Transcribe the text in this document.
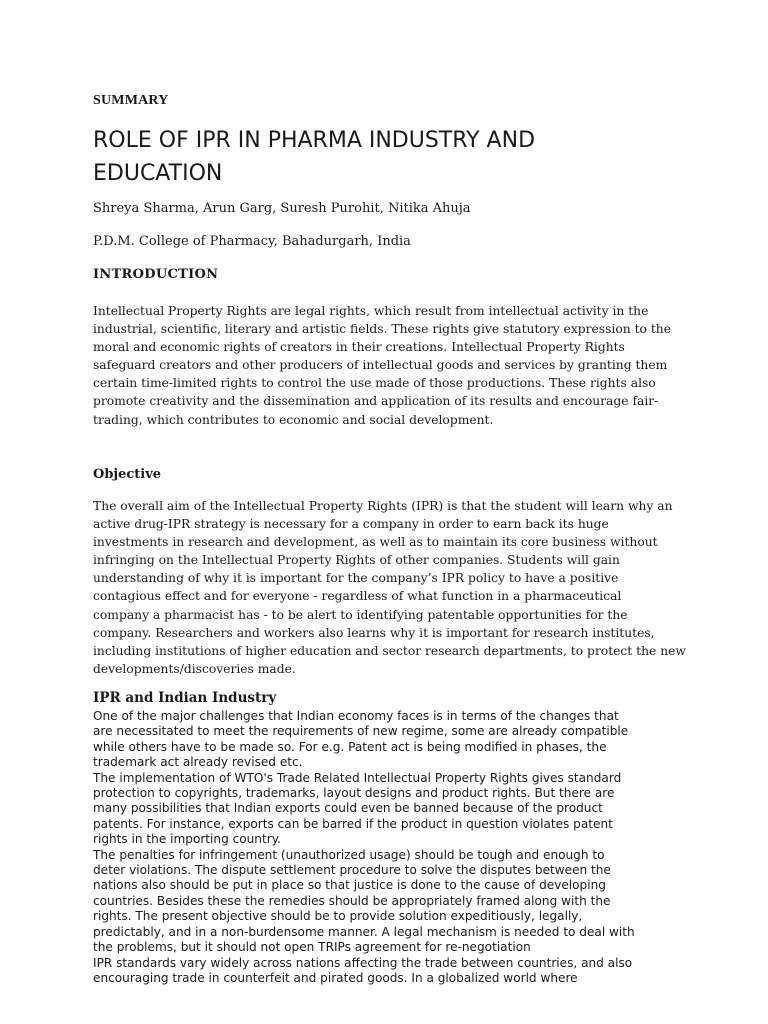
SUMMARY
ROLE OF IPR IN PHARMA INDUSTRY AND
EDUCATION
Shreya Sharma, Arun Garg, Suresh Purohit, Nitika Ahuja
P.D.M. College of Pharmacy, Bahadurgarh, India
INTRODUCTION
Intellectual Property Rights are legal rights, which result from intellectual activity in the
industrial, scientific, literary and artistic fields. These rights give statutory expression to the
moral and economic rights of creators in their creations. Intellectual Property Rights
safeguard creators and other producers of intellectual goods and services by granting them
certain time-limited rights to control the use made of those productions. These rights also
promote creativity and the dissemination and application of its results and encourage fair-
trading, which contributes to economic and social development.
Objective
The overall aim of the Intellectual Property Rights (IPR) is that the student will learn why an
active drug-IPR strategy is necessary for a company in order to earn back its huge
investments in research and development, as well as to maintain its core business without
infringing on the Intellectual Property Rights of other companies. Students will gain
understanding of why it is important for the company’s IPR policy to have a positive
contagious effect and for everyone - regardless of what function in a pharmaceutical
company a pharmacist has - to be alert to identifying patentable opportunities for the
company. Researchers and workers also learns why it is important for research institutes,
including institutions of higher education and sector research departments, to protect the new
developments/discoveries made.
IPR and Indian Industry
One of the major challenges that Indian economy faces is in terms of the changes that
are necessitated to meet the requirements of new regime, some are already compatible
while others have to be made so. For e.g. Patent act is being modified in phases, the
trademark act already revised etc.
The implementation of WTO's Trade Related Intellectual Property Rights gives standard
protection to copyrights, trademarks, layout designs and product rights. But there are
many possibilities that Indian exports could even be banned because of the product
patents. For instance, exports can be barred if the product in question violates patent
rights in the importing country.
The penalties for infringement (unauthorized usage) should be tough and enough to
deter violations. The dispute settlement procedure to solve the disputes between the
nations also should be put in place so that justice is done to the cause of developing
countries. Besides these the remedies should be appropriately framed along with the
rights. The present objective should be to provide solution expeditiously, legally,
predictably, and in a non-burdensome manner. A legal mechanism is needed to deal with
the problems, but it should not open TRIPs agreement for re-negotiation
IPR standards vary widely across nations affecting the trade between countries, and also
encouraging trade in counterfeit and pirated goods. In a globalized world where
